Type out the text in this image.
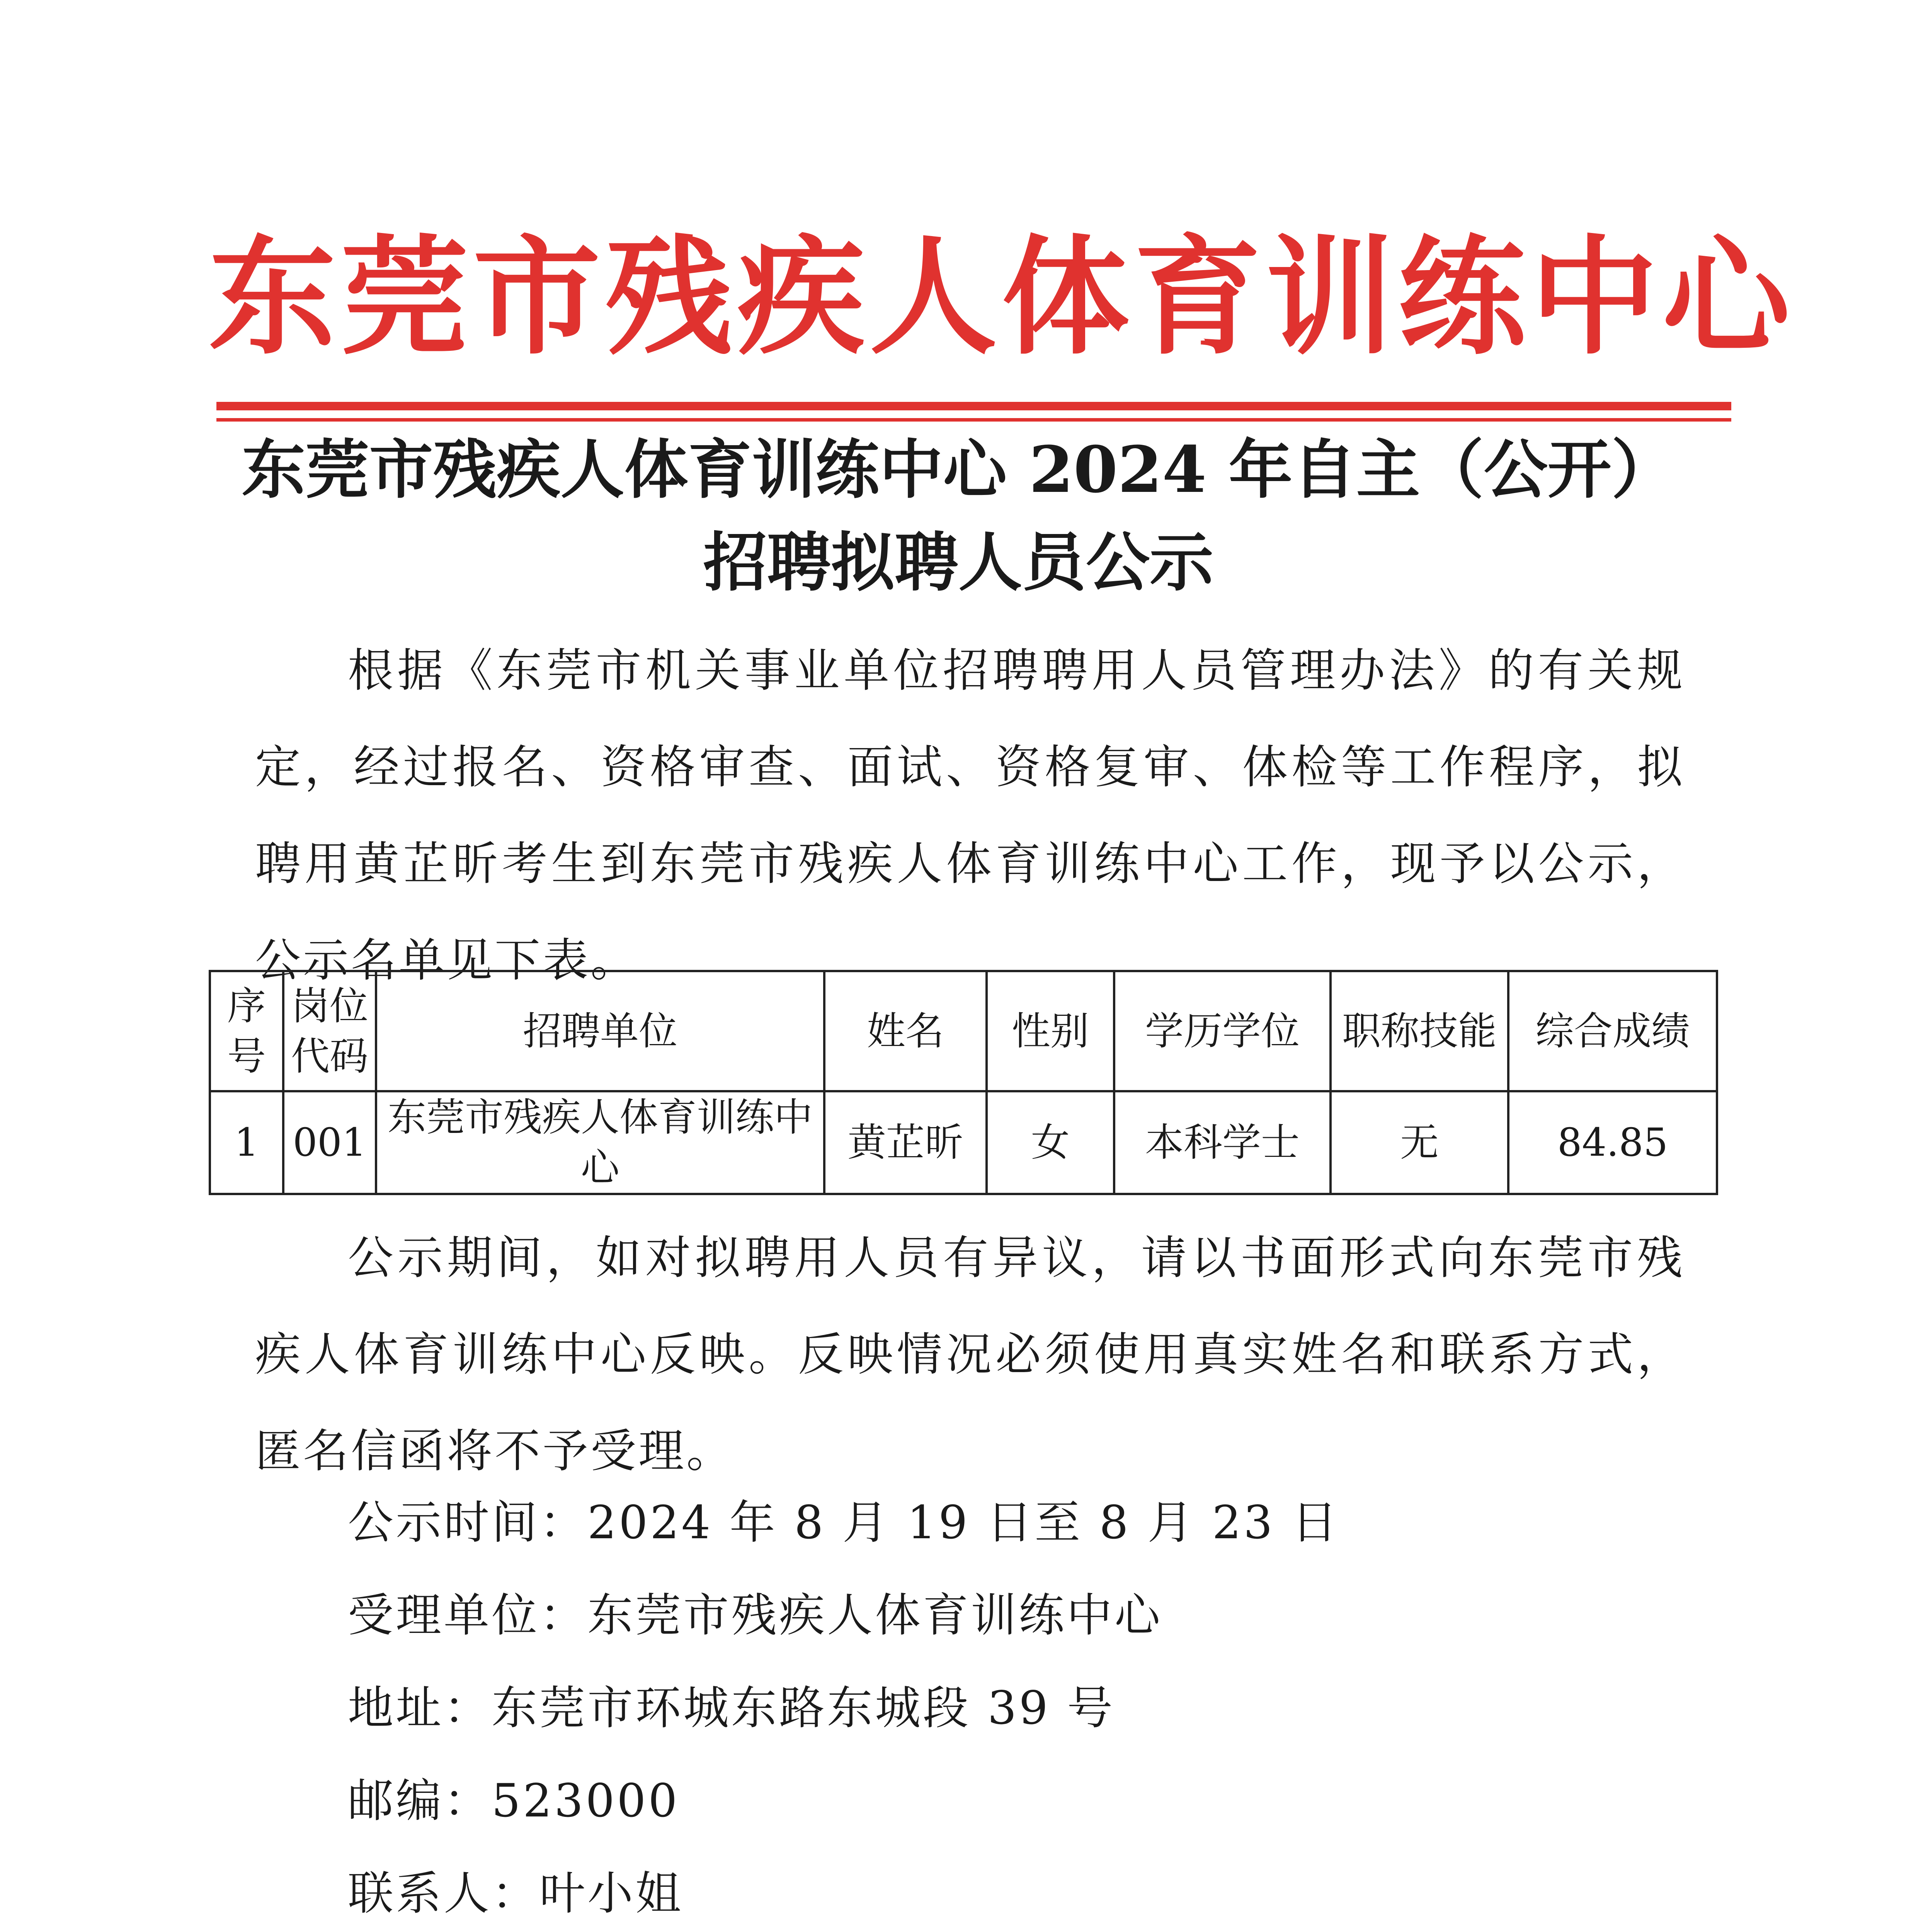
东莞市残疾人体育训练中心
东莞市残疾人体育训练中心 2024 年自主（公开）
招聘拟聘人员公示
根据《东莞市机关事业单位招聘聘用人员管理办法》的有关规定，经过报名、资格审查、面试、资格复审、体检等工作程序，拟聘用黄芷昕考生到东莞市残疾人体育训练中心工作，现予以公示，公示名单见下表。
序号	岗位代码	招聘单位	姓名	性别	学历学位	职称技能	综合成绩
1	001	东莞市残疾人体育训练中心	黄芷昕	女	本科学士	无	84.85
公示期间，如对拟聘用人员有异议，请以书面形式向东莞市残疾人体育训练中心反映。反映情况必须使用真实姓名和联系方式，匿名信函将不予受理。
公示时间：2024 年 8 月 19 日至 8 月 23 日
受理单位：东莞市残疾人体育训练中心
地址：东莞市环城东路东城段 39 号
邮编：523000
联系人：叶小姐
